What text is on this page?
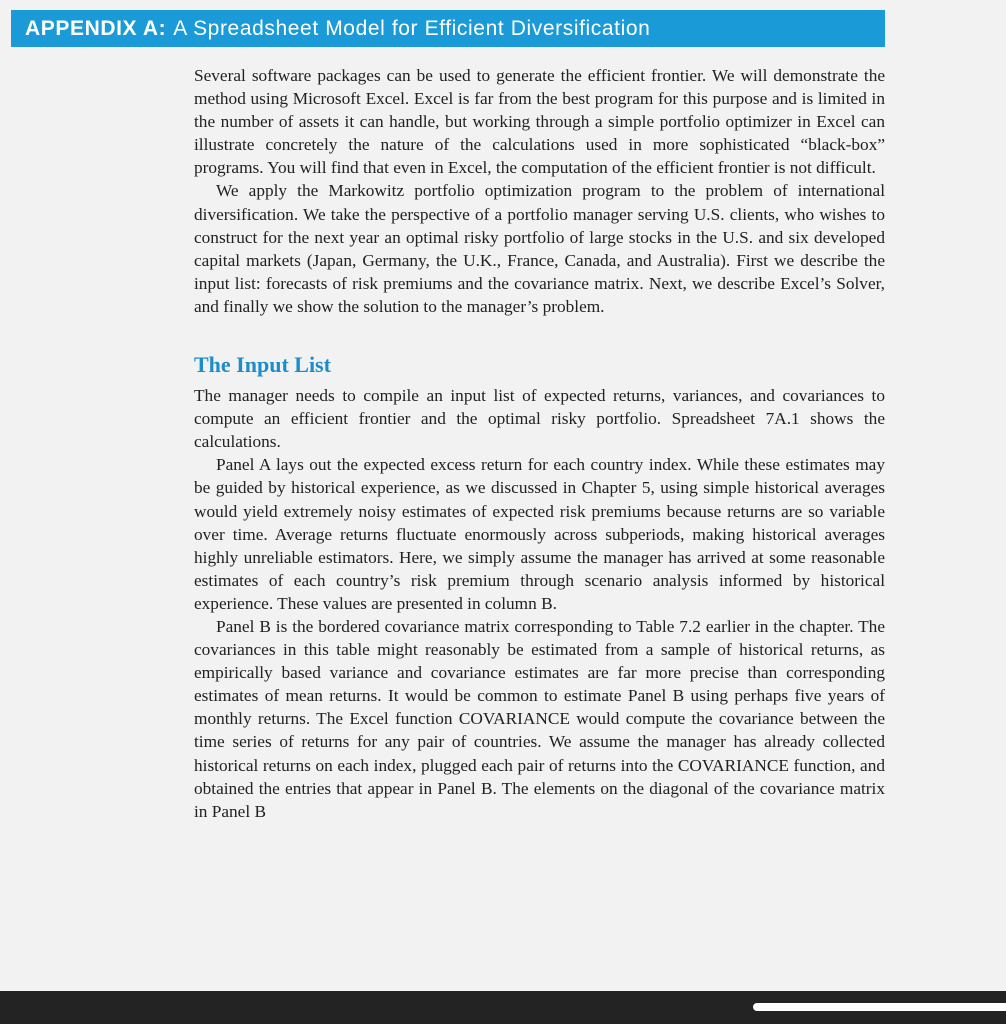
APPENDIX A: A Spreadsheet Model for Efficient Diversification

Several software packages can be used to generate the efficient frontier. We will demonstrate the method using Microsoft Excel. Excel is far from the best program for this purpose and is limited in the number of assets it can handle, but working through a simple portfolio optimizer in Excel can illustrate concretely the nature of the calculations used in more sophisticated “black-box” programs. You will find that even in Excel, the computation of the efficient frontier is not difficult.

We apply the Markowitz portfolio optimization program to the problem of international diversification. We take the perspective of a portfolio manager serving U.S. clients, who wishes to construct for the next year an optimal risky portfolio of large stocks in the U.S. and six developed capital markets (Japan, Germany, the U.K., France, Canada, and Australia). First we describe the input list: forecasts of risk premiums and the covariance matrix. Next, we describe Excel’s Solver, and finally we show the solution to the manager’s problem.

The Input List

The manager needs to compile an input list of expected returns, variances, and covariances to compute an efficient frontier and the optimal risky portfolio. Spreadsheet 7A.1 shows the calculations.

Panel A lays out the expected excess return for each country index. While these estimates may be guided by historical experience, as we discussed in Chapter 5, using simple historical averages would yield extremely noisy estimates of expected risk premiums because returns are so variable over time. Average returns fluctuate enormously across subperiods, making historical averages highly unreliable estimators. Here, we simply assume the manager has arrived at some reasonable estimates of each country’s risk premium through scenario analysis informed by historical experience. These values are presented in column B.

Panel B is the bordered covariance matrix corresponding to Table 7.2 earlier in the chapter. The covariances in this table might reasonably be estimated from a sample of historical returns, as empirically based variance and covariance estimates are far more precise than corresponding estimates of mean returns. It would be common to estimate Panel B using perhaps five years of monthly returns. The Excel function COVARIANCE would compute the covariance between the time series of returns for any pair of countries. We assume the manager has already collected historical returns on each index, plugged each pair of returns into the COVARIANCE function, and obtained the entries that appear in Panel B. The elements on the diagonal of the covariance matrix in Panel B
